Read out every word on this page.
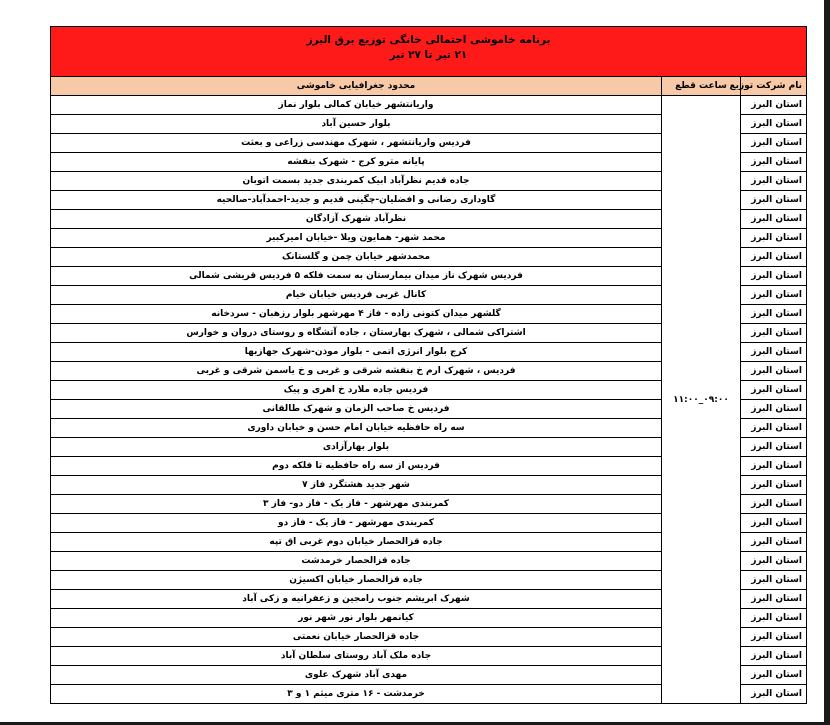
برنامه خاموشی احتمالی خانگی توزیع برق البرز
۲۱ تیر تا ۲۷ تیر		

نام شرکت توزیع	ساعت قطع	محدود جغرافیایی خاموشی
استان البرز	۰۹:۰۰_۱۱:۰۰	واریانتشهر خیابان کمالی بلوار نماز
استان البرز		بلوار حسین آباد
استان البرز		فردیس واریانتشهر ، شهرک مهندسی زراعی و بعثت
استان البرز		پایانه مترو کرج - شهرک بنفشه
استان البرز		جاده قدیم نظرآباد ابیک کمربندی جدید بسمت اتوبان
استان البرز		گاوداری رضانی و افضلیان-چگینی قدیم و جدید-احمدآباد-صالحیه
استان البرز		نظرآباد شهرک آزادگان
استان البرز		محمد شهر- همایون ویلا -خیابان امیرکبیر
استان البرز		محمدشهر خیابان چمن و گلستانک
استان البرز		فردیس شهرک ناز میدان بیمارستان به سمت فلکه ۵ فردیس قریشی شمالی
استان البرز		کانال غربی فردیس خیابان خیام
استان البرز		گلشهر میدان کتونی زاده - فاز ۴ مهرشهر بلوار رزهبان - سردخانه
استان البرز		اشتراکی شمالی ، شهرک بهارستان ، جاده آتشگاه و روستای دروان و خوارس
استان البرز		کرج بلوار انرژی اتمی - بلوار موذن-شهرک جهازیها
استان البرز		فردیس ، شهرک ارم خ بنفشه شرقی و غربی و خ یاسمن شرقی و غربی
استان البرز		فردیس جاده ملارد خ اهری و پیک
استان البرز		فردیس خ صاحب الزمان و شهرک طالقانی
استان البرز		سه راه حافظیه خیابان امام حسن و خیابان داوری
استان البرز		بلوار بهارآزادی
استان البرز		فردیس از سه راه حافظیه تا فلکه دوم
استان البرز		شهر جدید هشتگرد فاز ۷
استان البرز		کمربندی مهرشهر - فاز یک - فاز دو- فاز ۳
استان البرز		کمربندی مهرشهر - فاز یک - فاز دو
استان البرز		جاده قزالحصار خیابان دوم غربی اق تپه
استان البرز		جاده قزالحصار خرمدشت
استان البرز		جاده قزالحصار خیابان اکسیژن
استان البرز		شهرک ابریشم جنوب رامجین و زعفرانیه و زکی آباد
استان البرز		کیانمهر بلوار نور شهر نور
استان البرز		جاده قزالحصار خیابان نعمتی
استان البرز		جاده ملک آباد روستای سلطان آباد
استان البرز		مهدی آباد شهرک علوی
استان البرز		خرمدشت - ۱۶ متری میثم ۱ و ۳
